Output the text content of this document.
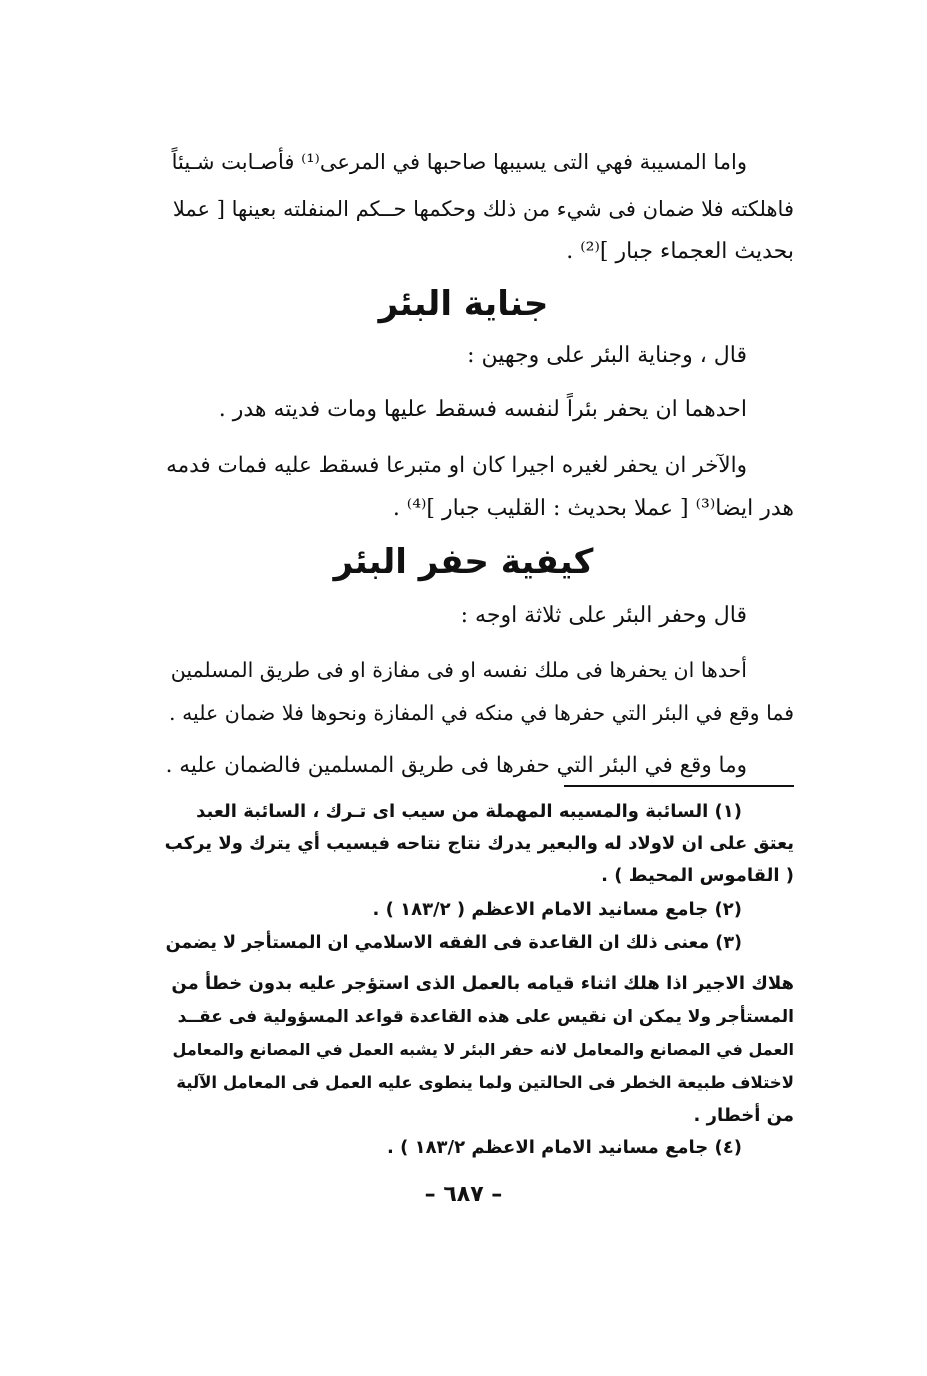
واما المسيبة فهي التى يسيبها صاحبها في المرعى⁽¹⁾ فأصـابت شـيئاً
فاهلكته فلا ضمان فى شيء من ذلك وحكمها حــكم المنفلته بعينها [ عملا
بحديث العجماء جبار ]⁽²⁾ .
جناية البئر
قال ، وجناية البئر على وجهين :
احدهما ان يحفر بئراً لنفسه فسقط عليها ومات فديته هدر .
والآخر ان يحفر لغيره اجيرا كان او متبرعا فسقط عليه فمات فدمه
هدر ايضا⁽³⁾ [ عملا بحديث : القليب جبار ]⁽⁴⁾ .
كيفية حفر البئر
قال وحفر البئر على ثلاثة اوجه :
أحدها ان يحفرها فى ملك نفسه او فى مفازة او فى طريق المسلمين
فما وقع في البئر التي حفرها في منكه في المفازة ونحوها فلا ضمان عليه .
وما وقع في البئر التي حفرها فى طريق المسلمين فالضمان عليه .
(١) السائبة والمسيبه المهملة من سيب اى تـرك ، السائبة العبد
يعتق على ان لاولاد له والبعير يدرك نتاج نتاحه فيسيب أي يترك ولا يركب
( القاموس المحيط ) .
(٢) جامع مسانيد الامام الاعظم ( ١٨٣/٢ ) .
(٣) معنى ذلك ان القاعدة فى الفقه الاسلامي ان المستأجر لا يضمن
هلاك الاجير اذا هلك اثناء قيامه بالعمل الذى استؤجر عليه بدون خطأ من
المستأجر ولا يمكن ان نقيس على هذه القاعدة قواعد المسؤولية فى عقــد
العمل في المصانع والمعامل لانه حفر البئر لا يشبه العمل في المصانع والمعامل
لاختلاف طبيعة الخطر فى الحالتين ولما ينطوى عليه العمل فى المعامل الآلية
من أخطار .
(٤) جامع مسانيد الامام الاعظم ١٨٣/٢ ) .
– ٦٨٧ –
